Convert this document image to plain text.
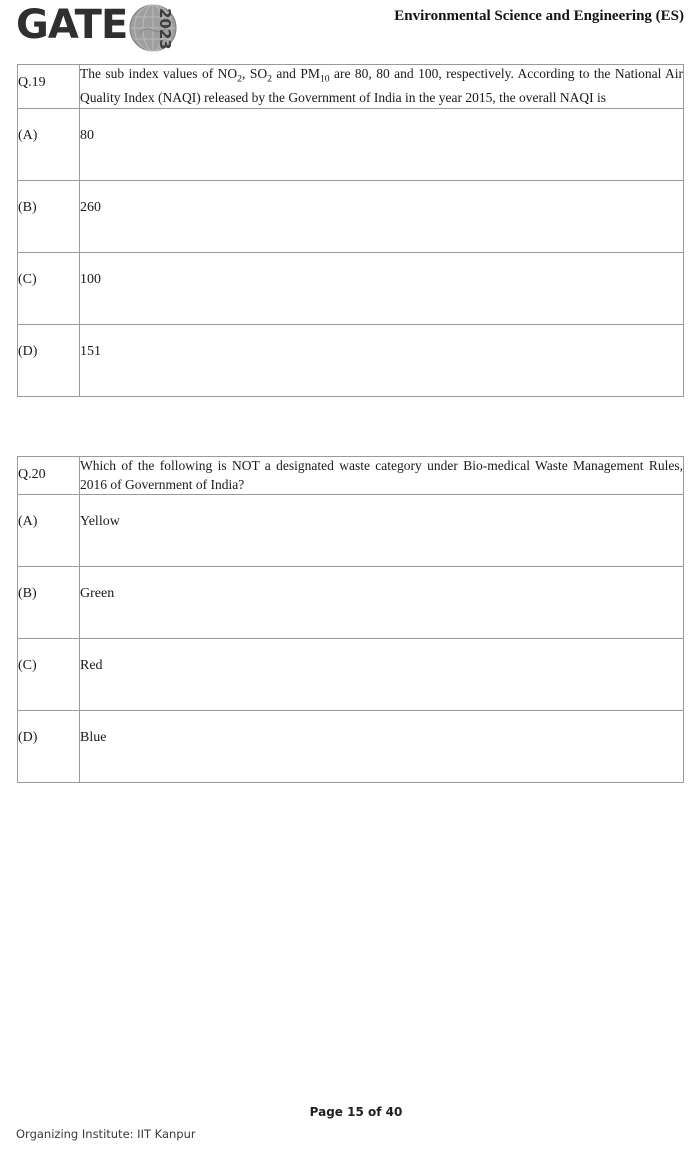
GATE	2023	Environmental Science and Engineering (ES)
Q.19	The sub index values of $NO_2$, $SO_2$ and $PM_{10}$ are 80, 80 and 100, respectively. According to the National Air Quality Index (NAQI) released by the Government of India in the year 2015, the overall NAQI is
(A)	80
(B)	260
(C)	100
(D)	151
Q.20	Which of the following is NOT a designated waste category under Bio-medical Waste Management Rules, 2016 of Government of India?
(A)	Yellow
(B)	Green
(C)	Red
(D)	Blue
Page 15 of 40
Organizing Institute: IIT Kanpur
